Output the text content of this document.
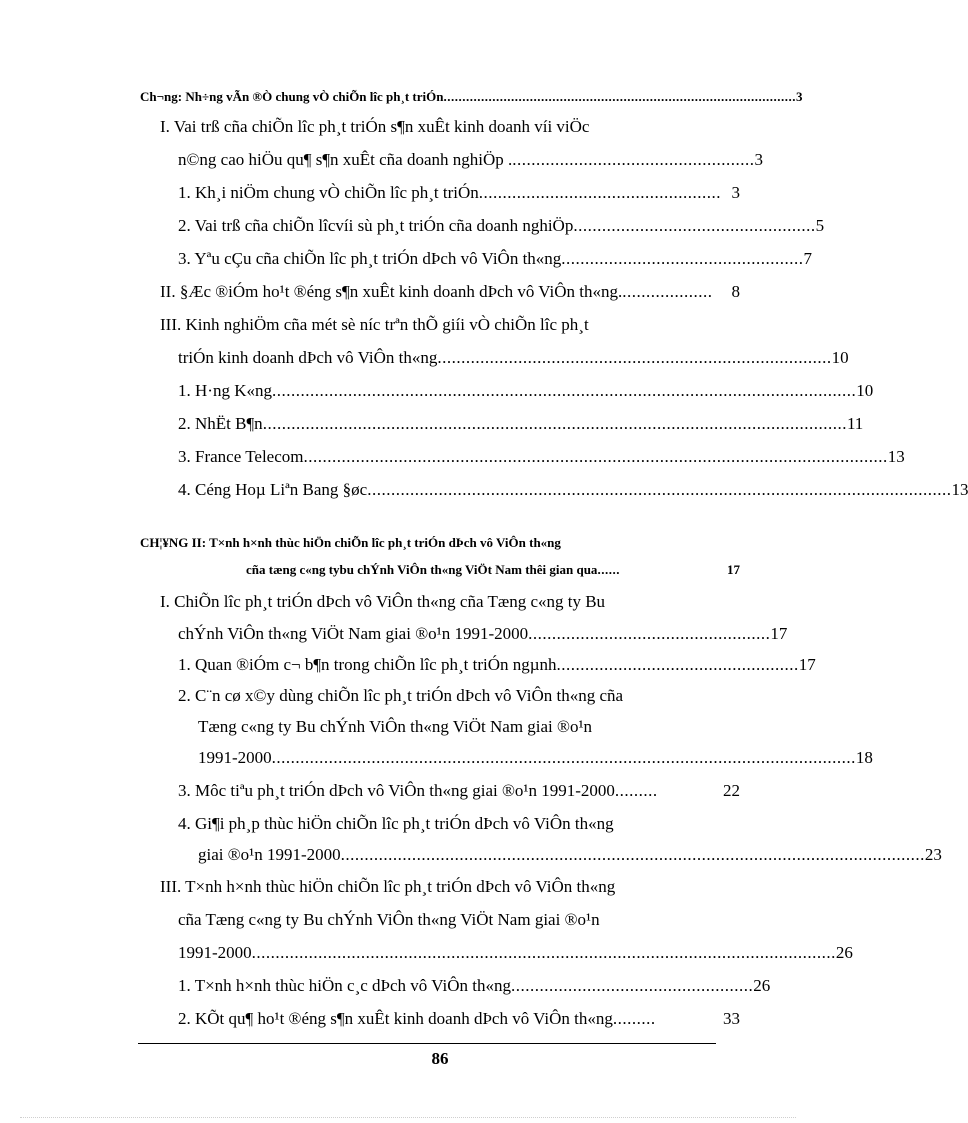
Ch¬ng: Nh÷ng vÃn ®Ò chung vÒ chiÕn lîc ph¸t triÓn .............................................................................................. 3
I. Vai trß cña chiÕn lîc ph¸t triÓn s¶n xuÊt kinh doanh víi viÖc
n©ng cao hiÖu qu¶ s¶n xuÊt cña doanh nghiÖp . ................................................... 3
1. Kh¸i niÖm chung vÒ chiÕn lîc ph¸t triÓn ................................................... 3
2. Vai trß cña chiÕn lîcvíi sù ph¸t triÓn cña doanh nghiÖp ................................................... 5
3. Yªu cÇu cña chiÕn lîc ph¸t triÓn dÞch vô ViÔn th«ng ................................................... 7
II. §Æc ®iÓm ho¹t ®éng s¶n xuÊt kinh doanh dÞch vô ViÔn th«ng. ...................	8
III. Kinh nghiÖm cña mét sè níc trªn thÕ giíi vÒ chiÕn lîc ph¸t
triÓn kinh doanh dÞch vô ViÔn th«ng ................................................................................... 10
1. H·ng K«ng ........................................................................................................................... 10
2. NhËt B¶n ........................................................................................................................... 11
3. France Telecom ........................................................................................................................... 13
4. Céng Hoµ Liªn Bang §øc ........................................................................................................................... 13
CH¦¥NG II: T×nh h×nh thùc hiÖn chiÕn lîc ph¸t triÓn dÞch vô ViÔn th«ng
cña tæng c«ng tybu chÝnh ViÔn th«ng ViÖt Nam thêi gian qua ......	17
I. ChiÕn lîc ph¸t triÓn dÞch vô ViÔn th«ng cña Tæng c«ng ty Bu
chÝnh ViÔn th«ng ViÖt Nam giai ®o¹n 1991-2000 ................................................... 17
1. Quan ®iÓm c¬ b¶n trong chiÕn lîc ph¸t triÓn ngµnh ................................................... 17
2. C¨n cø x©y dùng chiÕn lîc ph¸t triÓn dÞch vô ViÔn th«ng cña
Tæng c«ng ty Bu chÝnh ViÔn th«ng ViÖt Nam giai ®o¹n
1991-2000 ........................................................................................................................... 18
3. Môc tiªu ph¸t triÓn dÞch vô ViÔn th«ng giai ®o¹n 1991-2000 .........	22
4. Gi¶i ph¸p thùc hiÖn chiÕn lîc ph¸t triÓn dÞch vô ViÔn th«ng
giai ®o¹n 1991-2000 ........................................................................................................................... 23
III. T×nh h×nh thùc hiÖn chiÕn lîc ph¸t triÓn dÞch vô ViÔn th«ng
cña Tæng c«ng ty Bu chÝnh ViÔn th«ng ViÖt Nam giai ®o¹n
1991-2000 ........................................................................................................................... 26
1. T×nh h×nh thùc hiÖn c¸c dÞch vô ViÔn th«ng ................................................... 26
2. KÕt qu¶ ho¹t ®éng s¶n xuÊt kinh doanh dÞch vô ViÔn th«ng .........	33
86
